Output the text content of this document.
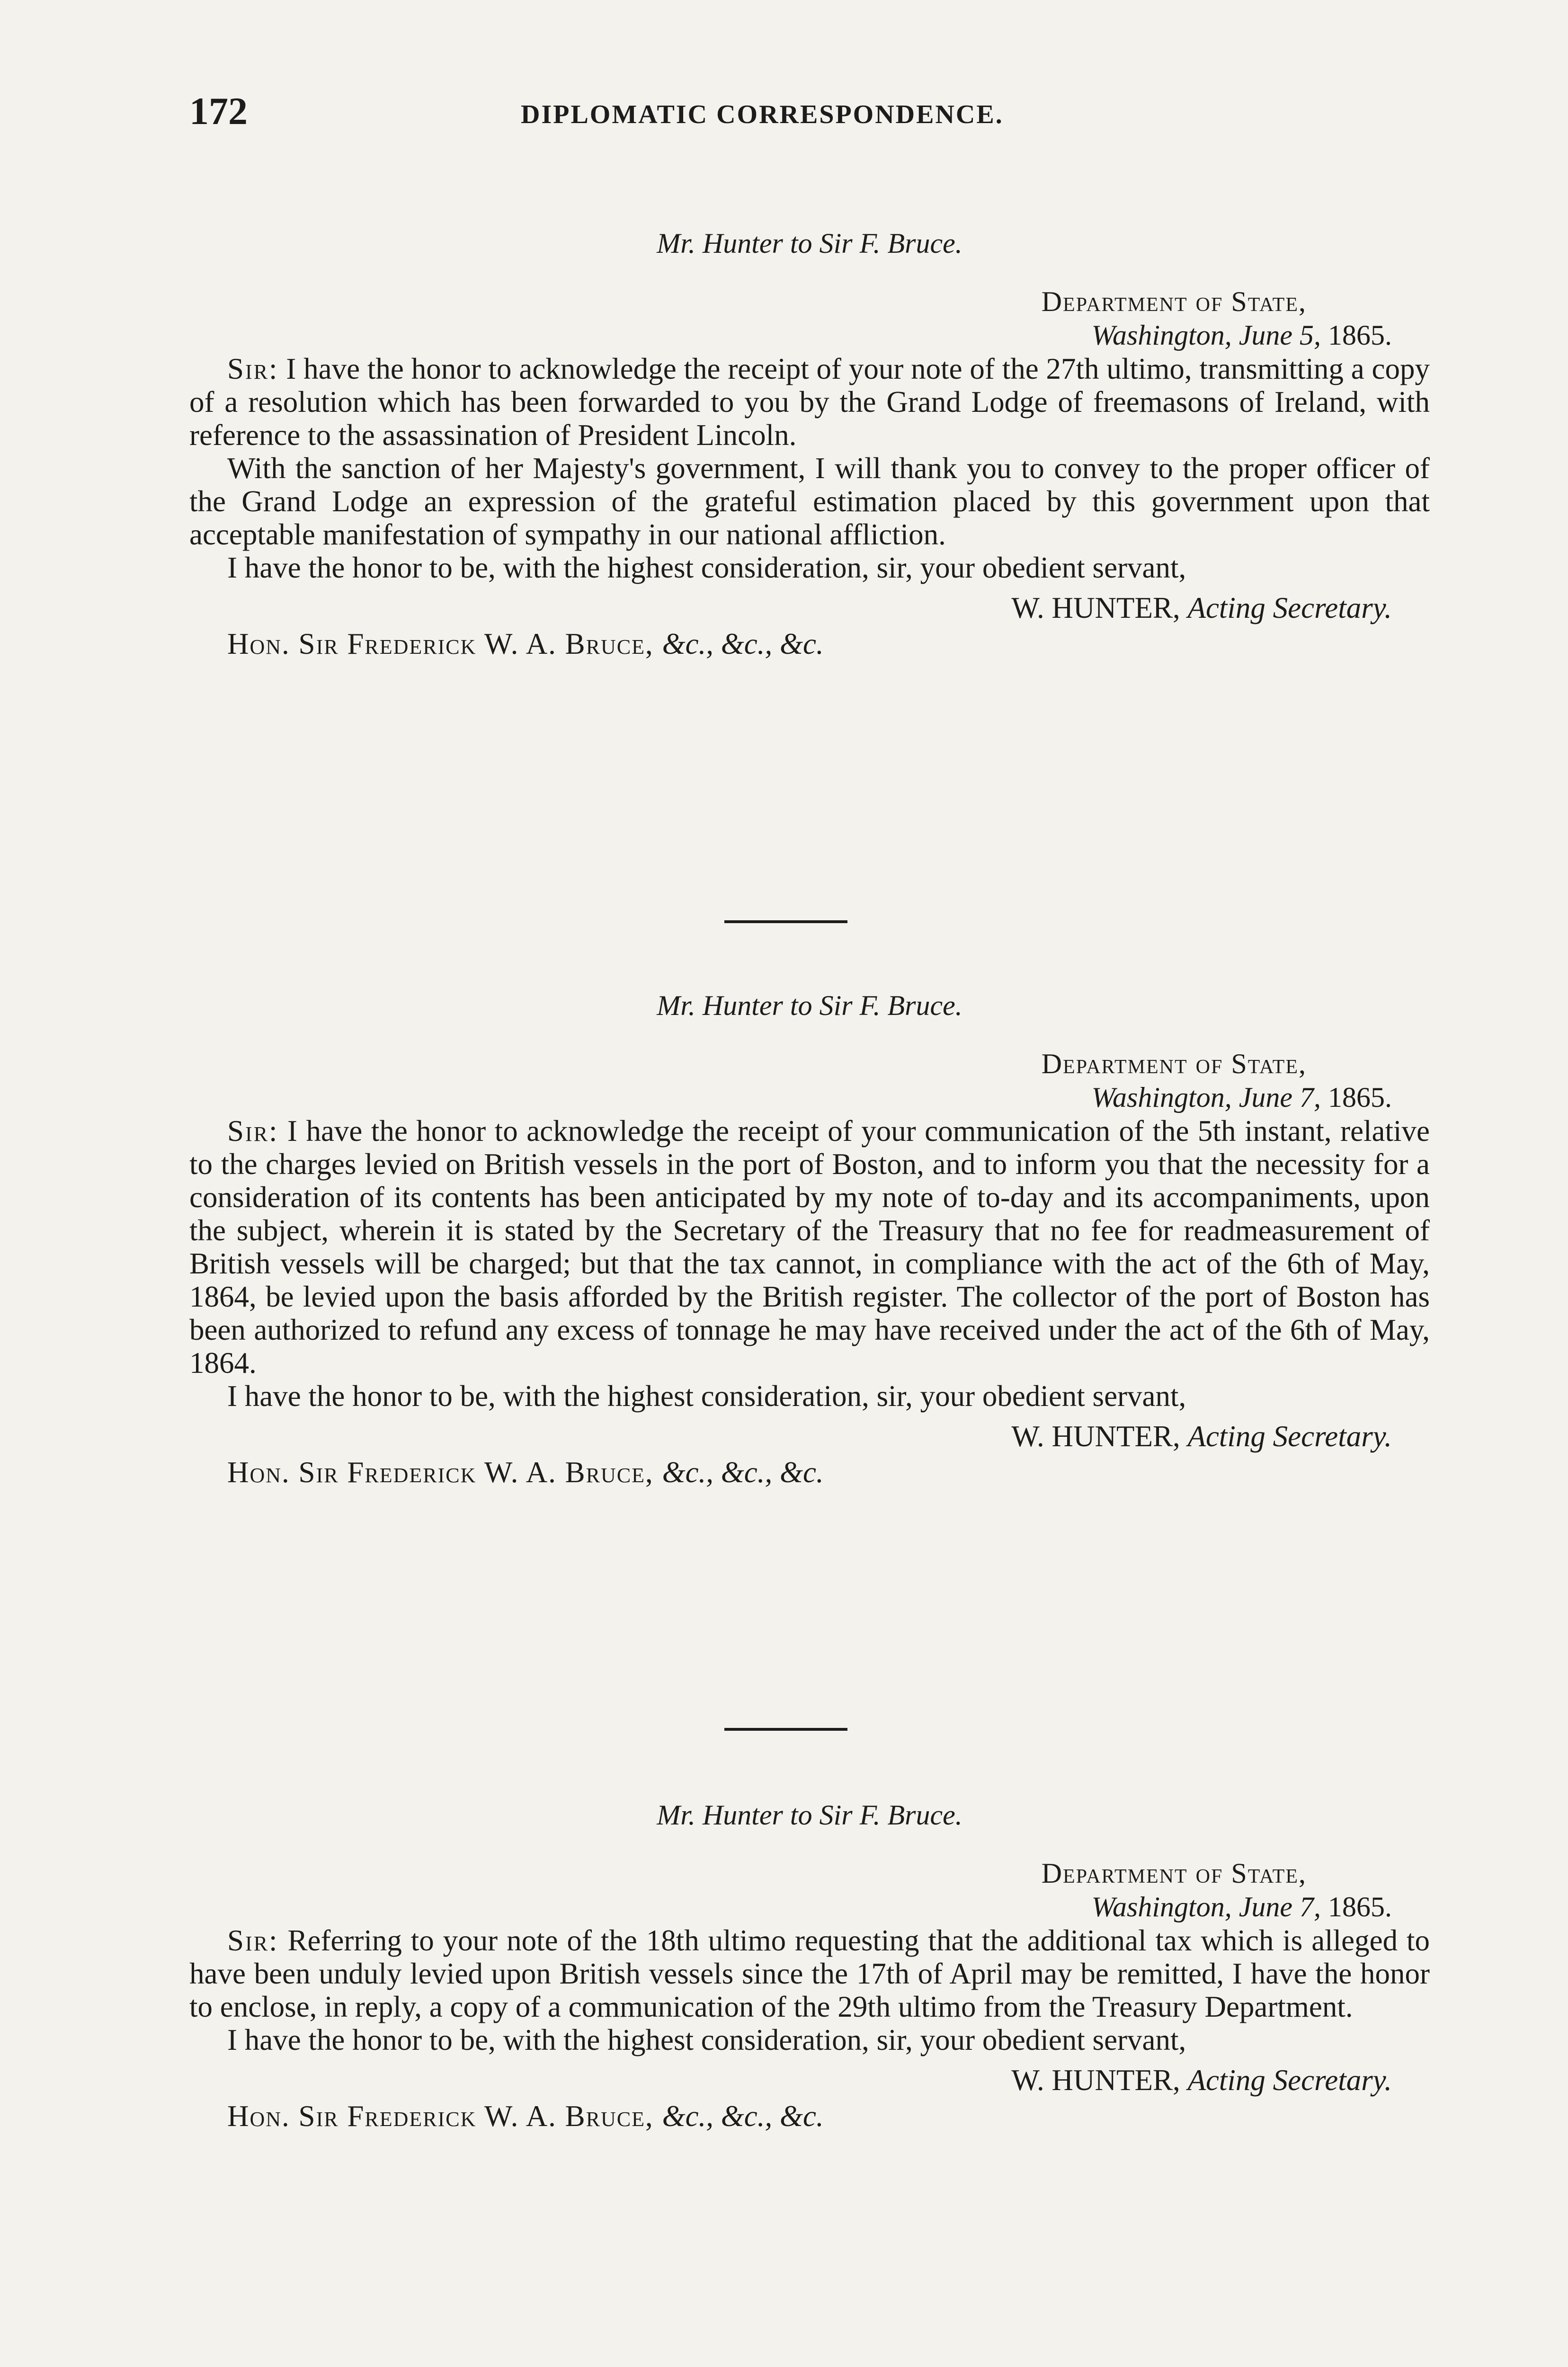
172	DIPLOMATIC CORRESPONDENCE.
Mr. Hunter to Sir F. Bruce.
Department of State,
Washington, June 5, 1865.

Sir: I have the honor to acknowledge the receipt of your note of the 27th ultimo, transmitting a copy of a resolution which has been forwarded to you by the Grand Lodge of freemasons of Ireland, with reference to the assassination of President Lincoln.

With the sanction of her Majesty's government, I will thank you to convey to the proper officer of the Grand Lodge an expression of the grateful estimation placed by this government upon that acceptable manifestation of sympathy in our national affliction.

I have the honor to be, with the highest consideration, sir, your obedient servant,

W. HUNTER, Acting Secretary.
Hon. Sir Frederick W. A. Bruce, &c., &c., &c.
Mr. Hunter to Sir F. Bruce.
Department of State,
Washington, June 7, 1865.

Sir: I have the honor to acknowledge the receipt of your communication of the 5th instant, relative to the charges levied on British vessels in the port of Boston, and to inform you that the necessity for a consideration of its contents has been anticipated by my note of to-day and its accompaniments, upon the subject, wherein it is stated by the Secretary of the Treasury that no fee for readmeasurement of British vessels will be charged; but that the tax cannot, in compliance with the act of the 6th of May, 1864, be levied upon the basis afforded by the British register. The collector of the port of Boston has been authorized to refund any excess of tonnage he may have received under the act of the 6th of May, 1864.

I have the honor to be, with the highest consideration, sir, your obedient servant,

W. HUNTER, Acting Secretary.
Hon. Sir Frederick W. A. Bruce, &c., &c., &c.
Mr. Hunter to Sir F. Bruce.
Department of State,
Washington, June 7, 1865.

Sir: Referring to your note of the 18th ultimo requesting that the additional tax which is alleged to have been unduly levied upon British vessels since the 17th of April may be remitted, I have the honor to enclose, in reply, a copy of a communication of the 29th ultimo from the Treasury Department.

I have the honor to be, with the highest consideration, sir, your obedient servant,

W. HUNTER, Acting Secretary.
Hon. Sir Frederick W. A. Bruce, &c., &c., &c.
